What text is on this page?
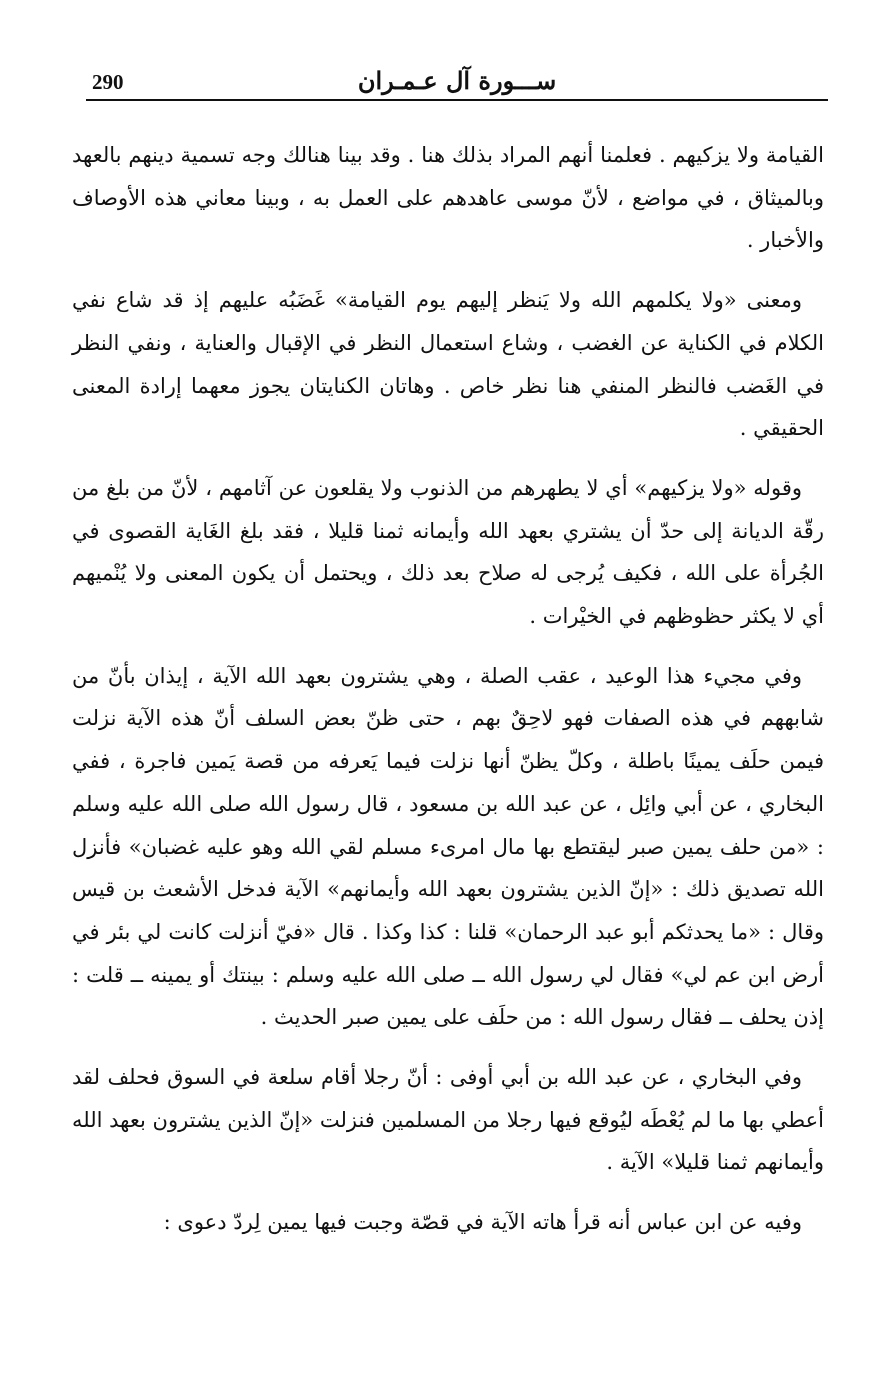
290	ســـورة آل عـمـران

القيامة ولا يزكيهم . فعلمنا أنهم المراد بذلك هنا . وقد بينا هنالك وجه تسمية دينهم بالعهد وبالميثاق ، في مواضع ، لأنّ موسى عاهدهم على العمل به ، وبينا معاني هذه الأوصاف والأخبار .

ومعنى «ولا يكلمهم الله ولا يَنظر إليهم يوم القيامة» غَضَبُه عليهم إذ قد شاع نفي الكلام في الكناية عن الغضب ، وشاع استعمال النظر في الإقبال والعناية ، ونفي النظر في الغَضب فالنظر المنفي هنا نظر خاص . وهاتان الكنايتان يجوز معهما إرادة المعنى الحقيقي .

وقوله «ولا يزكيهم» أي لا يطهرهم من الذنوب ولا يقلعون عن آثامهم ، لأنّ من بلغ من رقّة الديانة إلى حدّ أن يشتري بعهد الله وأيمانه ثمنا قليلا ، فقد بلغ الغَاية القصوى في الجُرأة على الله ، فكيف يُرجى له صلاح بعد ذلك ، ويحتمل أن يكون المعنى ولا يُنْميهم أي لا يكثر حظوظهم في الخيْرات .

وفي مجيء هذا الوعيد ، عقب الصلة ، وهي يشترون بعهد الله الآية ، إيذان بأنّ من شابههم في هذه الصفات فهو لاحِقٌ بهم ، حتى ظنّ بعض السلف أنّ هذه الآية نزلت فيمن حلَف يمينًا باطلة ، وكلّ يظنّ أنها نزلت فيما يَعرفه من قصة يَمين فاجرة ، ففي البخاري ، عن أبي وائِل ، عن عبد الله بن مسعود ، قال رسول الله صلى الله عليه وسلم : «من حلف يمين صبر ليقتطع بها مال امرىء مسلم لقي الله وهو عليه غضبان» فأنزل الله تصديق ذلك : «إنّ الذين يشترون بعهد الله وأيمانهم» الآية فدخل الأشعث بن قيس وقال : «ما يحدثكم أبو عبد الرحمان» قلنا : كذا وكذا . قال «فيّ أنزلت كانت لي بئر في أرض ابن عم لي» فقال لي رسول الله ــ صلى الله عليه وسلم : بينتك أو يمينه ــ قلت : إذن يحلف ــ فقال رسول الله : من حلَف على يمين صبر الحديث .

وفي البخاري ، عن عبد الله بن أبي أوفى : أنّ رجلا أقام سلعة في السوق فحلف لقد أعطي بها ما لم يُعْطَه ليُوقع فيها رجلا من المسلمين فنزلت «إنّ الذين يشترون بعهد الله وأيمانهم ثمنا قليلا» الآية .

وفيه عن ابن عباس أنه قرأ هاته الآية في قصّة وجبت فيها يمين لِردّ دعوى :
